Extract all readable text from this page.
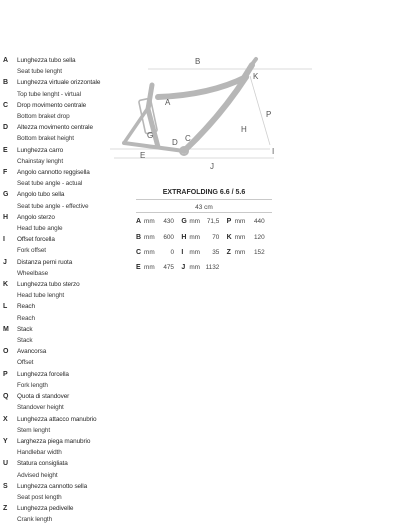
A	Lunghezza tubo sella
Seat tube lenght
B	Lunghezza virtuale orizzontale
Top tube lenght - virtual
C	Drop movimento centrale
Bottom braket drop
D	Altezza movimento centrale
Bottom braket height
E	Lunghezza carro
Chainstay lenght
F	Angolo cannotto reggisella
Seat tube angle - actual
G	Angolo tubo sella
Seat tube angle - effective
H	Angolo sterzo
Head tube angle
I	Offset forcella
Fork offset
J	Distanza perni ruota
Wheelbase
K	Lunghezza tubo sterzo
Head tube lenght
L	Reach
Reach
M	Stack
Stack
O	Avancorsa
Offset
P	Lunghezza forcella
Fork length
Q	Quota di standover
Standover height
X	Lunghezza attacco manubrio
Stem lenght
Y	Larghezza piega manubrio
Handlebar width
U	Statura consigliata
Advised height
S	Lunghezza cannotto sella
Seat post length
Z	Lunghezza pedivelle
Crank length
A
B
C
D
E
G
H
I
J
K
P
EXTRAFOLDING 6.6 / 5.6
43 cm
A mm	430 G mm	71,5 P mm	440
B mm	600 H mm	70 K mm	120
C mm	0 I mm	35 Z mm	152
E mm	475 J mm 1132
